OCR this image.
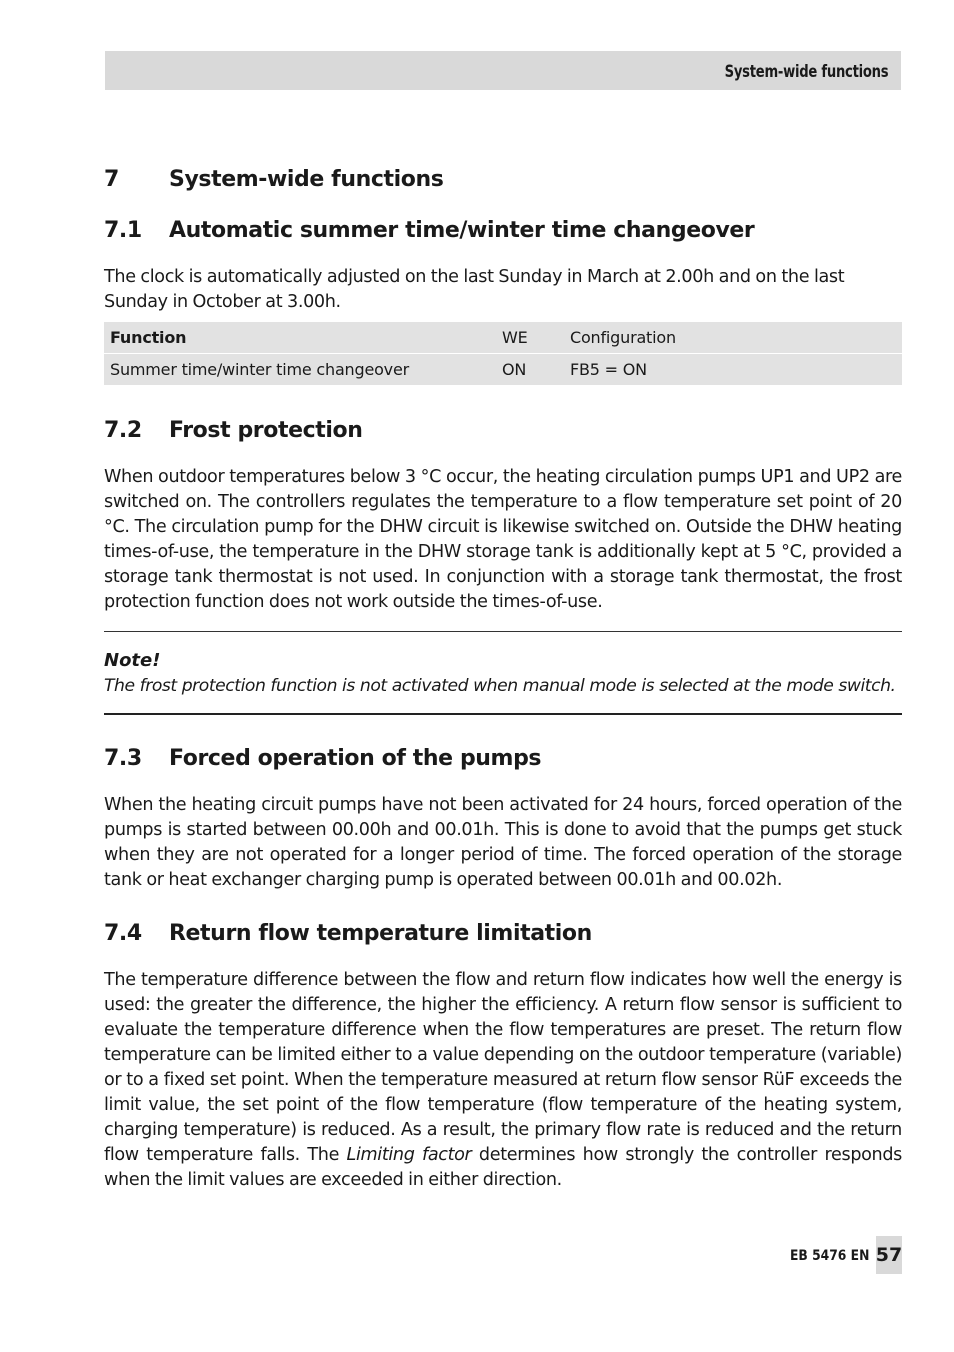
System-wide functions
7	System-wide functions
7.1	Automatic summer time/winter time changeover

The clock is automatically adjusted on the last Sunday in March at 2.00h and on the last Sunday in October at 3.00h.

Function	WE	Configuration
Summer time/winter time changeover	ON	FB5 = ON
7.2	Frost protection

When outdoor temperatures below 3 °C occur, the heating circulation pumps UP1 and UP2 are switched on. The controllers regulates the temperature to a flow temperature set point of 20 °C. The circulation pump for the DHW circuit is likewise switched on. Outside the DHW heating times-of-use, the temperature in the DHW storage tank is additionally kept at 5 °C, provided a storage tank thermostat is not used. In conjunction with a storage tank thermostat, the frost protection function does not work outside the times-of-use.

Note!
The frost protection function is not activated when manual mode is selected at the mode switch.
7.3	Forced operation of the pumps

When the heating circuit pumps have not been activated for 24 hours, forced operation of the pumps is started between 00.00h and 00.01h. This is done to avoid that the pumps get stuck when they are not operated for a longer period of time. The forced operation of the storage tank or heat exchanger charging pump is operated between 00.01h and 00.02h.

7.4	Return flow temperature limitation

The temperature difference between the flow and return flow indicates how well the energy is used: the greater the difference, the higher the efficiency. A return flow sensor is sufficient to evaluate the temperature difference when the flow temperatures are preset. The return flow temperature can be limited either to a value depending on the outdoor temperature (variable) or to a fixed set point. When the temperature measured at return flow sensor RüF exceeds the limit value, the set point of the flow temperature (flow temperature of the heating system, charging temperature) is reduced. As a result, the primary flow rate is reduced and the return flow temperature falls. The Limiting factor determines how strongly the controller responds when the limit values are exceeded in either direction.

EB 5476 EN 57
